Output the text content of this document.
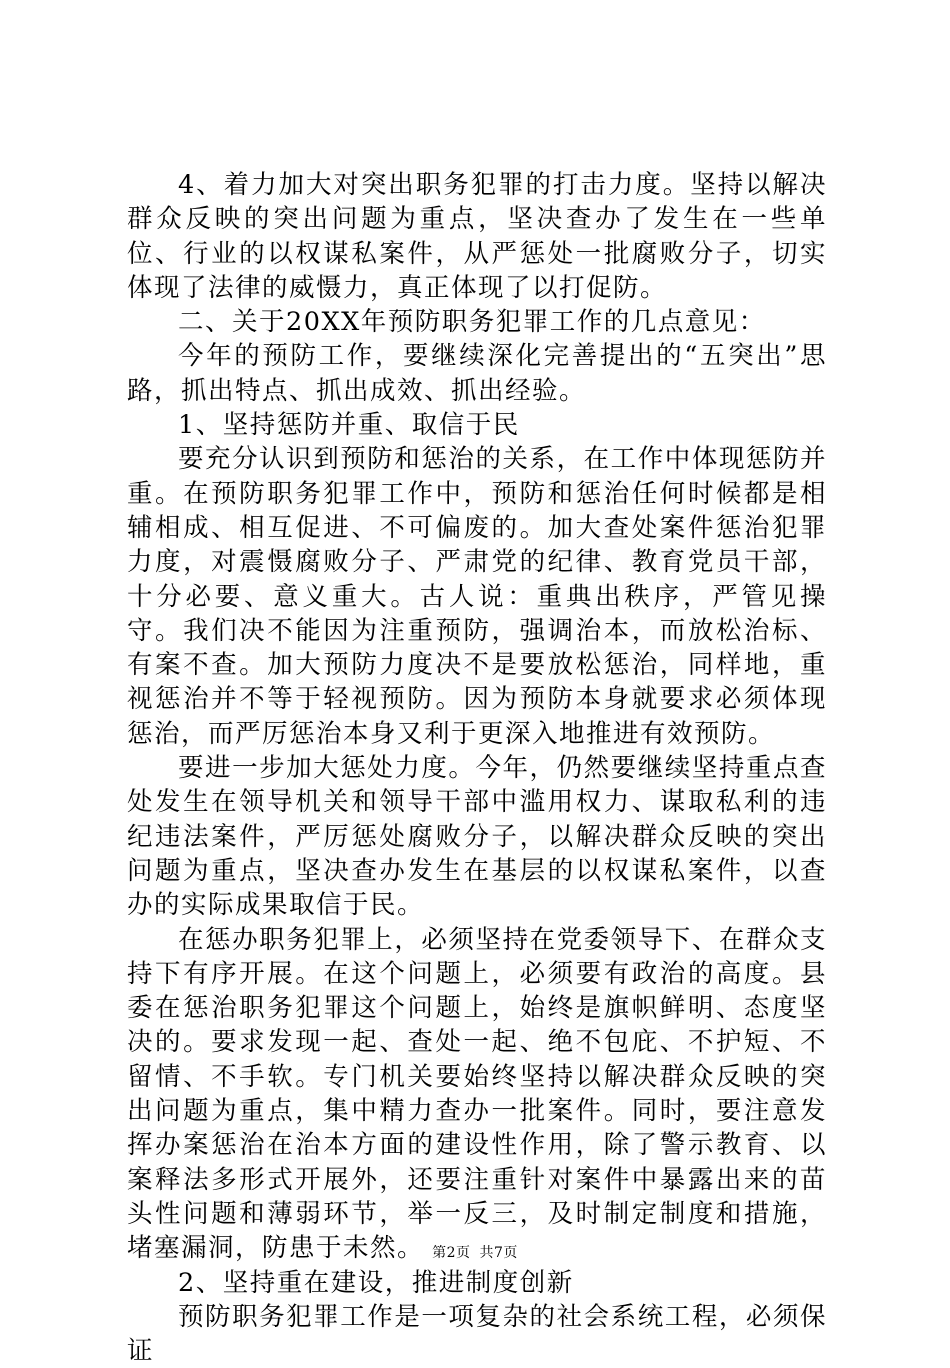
4、着力加大对突出职务犯罪的打击力度。坚持以解决群众反映的突出问题为重点，坚决查办了发生在一些单位、行业的以权谋私案件，从严惩处一批腐败分子，切实体现了法律的威慑力，真正体现了以打促防。

二、关于20XX年预防职务犯罪工作的几点意见：

今年的预防工作，要继续深化完善提出的“五突出”思路，抓出特点、抓出成效、抓出经验。

1、坚持惩防并重、取信于民

要充分认识到预防和惩治的关系，在工作中体现惩防并重。在预防职务犯罪工作中，预防和惩治任何时候都是相辅相成、相互促进、不可偏废的。加大查处案件惩治犯罪力度，对震慑腐败分子、严肃党的纪律、教育党员干部，十分必要、意义重大。古人说：重典出秩序，严管见操守。我们决不能因为注重预防，强调治本，而放松治标、有案不查。加大预防力度决不是要放松惩治，同样地，重视惩治并不等于轻视预防。因为预防本身就要求必须体现惩治，而严厉惩治本身又利于更深入地推进有效预防。

要进一步加大惩处力度。今年，仍然要继续坚持重点查处发生在领导机关和领导干部中滥用权力、谋取私利的违纪违法案件，严厉惩处腐败分子，以解决群众反映的突出问题为重点，坚决查办发生在基层的以权谋私案件，以查办的实际成果取信于民。

在惩办职务犯罪上，必须坚持在党委领导下、在群众支持下有序开展。在这个问题上，必须要有政治的高度。县委在惩治职务犯罪这个问题上，始终是旗帜鲜明、态度坚决的。要求发现一起、查处一起、绝不包庇、不护短、不留情、不手软。专门机关要始终坚持以解决群众反映的突出问题为重点，集中精力查办一批案件。同时，要注意发挥办案惩治在治本方面的建设性作用，除了警示教育、以案释法多形式开展外，还要注重针对案件中暴露出来的苗头性问题和薄弱环节，举一反三，及时制定制度和措施，堵塞漏洞，防患于未然。

2、坚持重在建设，推进制度创新

预防职务犯罪工作是一项复杂的社会系统工程，必须保证

第2页 共7页
